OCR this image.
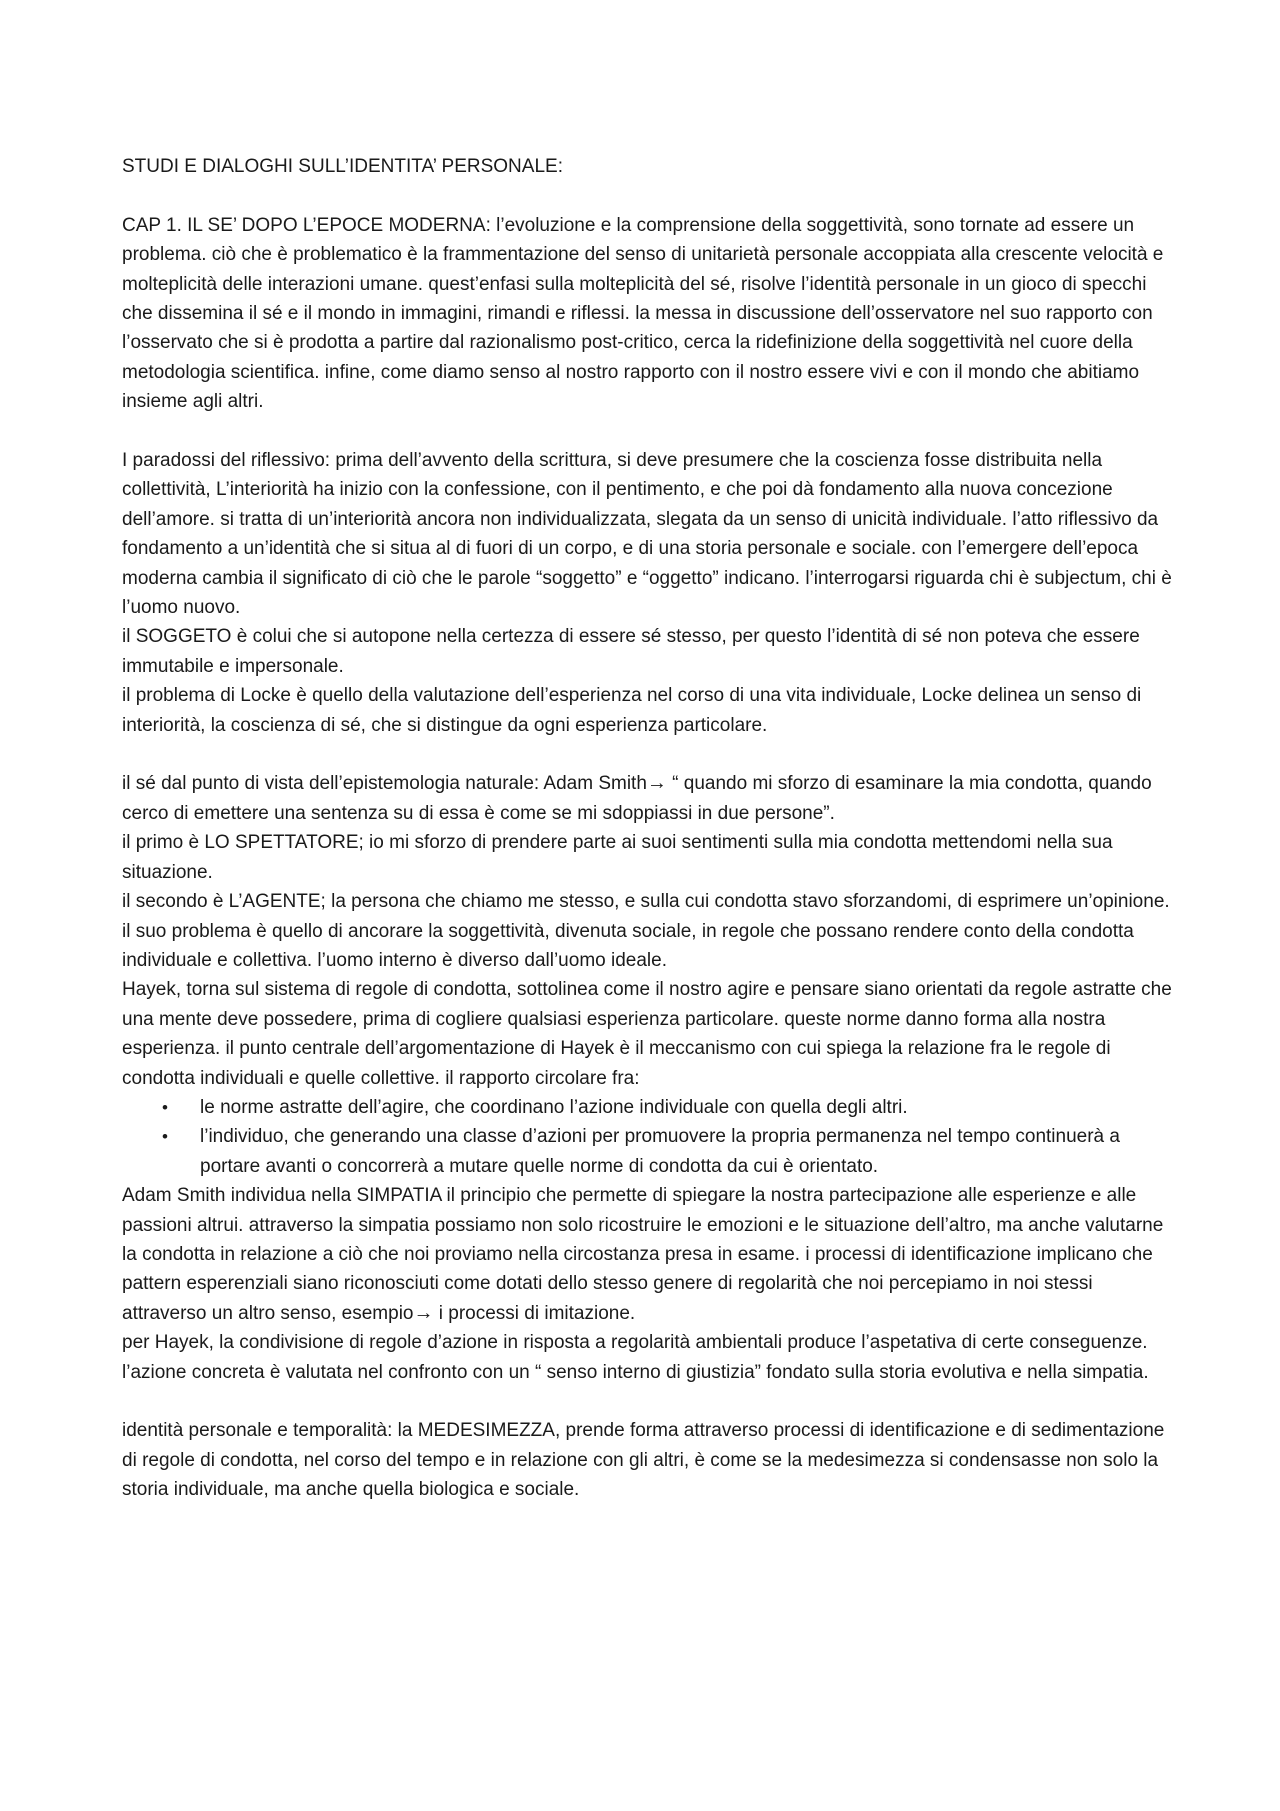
STUDI E DIALOGHI SULL’IDENTITA’ PERSONALE:

CAP 1. IL SE’ DOPO L’EPOCE MODERNA: l’evoluzione e la comprensione della soggettività, sono tornate ad essere un problema. ciò che è problematico è la frammentazione del senso di unitarietà personale accoppiata alla crescente velocità e molteplicità delle interazioni umane. quest’enfasi sulla molteplicità del sé, risolve l’identità personale in un gioco di specchi che dissemina il sé e il mondo in immagini, rimandi e riflessi. la messa in discussione dell’osservatore nel suo rapporto con l’osservato che si è prodotta a partire dal razionalismo post-critico, cerca la ridefinizione della soggettività nel cuore della metodologia scientifica. infine, come diamo senso al nostro rapporto con il nostro essere vivi e con il mondo che abitiamo insieme agli altri.

I paradossi del riflessivo: prima dell’avvento della scrittura, si deve presumere che la coscienza fosse distribuita nella collettività, L’interiorità ha inizio con la confessione, con il pentimento, e che poi dà fondamento alla nuova concezione dell’amore. si tratta di un’interiorità ancora non individualizzata, slegata da un senso di unicità individuale. l’atto riflessivo da fondamento a un’identità che si situa al di fuori di un corpo, e di una storia personale e sociale. con l’emergere dell’epoca moderna cambia il significato di ciò che le parole “soggetto” e “oggetto” indicano. l’interrogarsi riguarda chi è subjectum, chi è l’uomo nuovo.

il SOGGETO è colui che si autopone nella certezza di essere sé stesso, per questo l’identità di sé non poteva che essere immutabile e impersonale.

il problema di Locke è quello della valutazione dell’esperienza nel corso di una vita individuale, Locke delinea un senso di interiorità, la coscienza di sé, che si distingue da ogni esperienza particolare.

il sé dal punto di vista dell’epistemologia naturale: Adam Smith→ “ quando mi sforzo di esaminare la mia condotta, quando cerco di emettere una sentenza su di essa è come se mi sdoppiassi in due persone”.

il primo è LO SPETTATORE; io mi sforzo di prendere parte ai suoi sentimenti sulla mia condotta mettendomi nella sua situazione.

il secondo è L’AGENTE; la persona che chiamo me stesso, e sulla cui condotta stavo sforzandomi, di esprimere un’opinione.

il suo problema è quello di ancorare la soggettività, divenuta sociale, in regole che possano rendere conto della condotta individuale e collettiva. l’uomo interno è diverso dall’uomo ideale.

Hayek, torna sul sistema di regole di condotta, sottolinea come il nostro agire e pensare siano orientati da regole astratte che una mente deve possedere, prima di cogliere qualsiasi esperienza particolare. queste norme danno forma alla nostra esperienza. il punto centrale dell’argomentazione di Hayek è il meccanismo con cui spiega la relazione fra le regole di condotta individuali e quelle collettive. il rapporto circolare fra:

• le norme astratte dell’agire, che coordinano l’azione individuale con quella degli altri.
• l’individuo, che generando una classe d’azioni per promuovere la propria permanenza nel tempo continuerà a portare avanti o concorrerà a mutare quelle norme di condotta da cui è orientato.

Adam Smith individua nella SIMPATIA il principio che permette di spiegare la nostra partecipazione alle esperienze e alle passioni altrui. attraverso la simpatia possiamo non solo ricostruire le emozioni e le situazione dell’altro, ma anche valutarne la condotta in relazione a ciò che noi proviamo nella circostanza presa in esame. i processi di identificazione implicano che pattern esperenziali siano riconosciuti come dotati dello stesso genere di regolarità che noi percepiamo in noi stessi attraverso un altro senso, esempio→ i processi di imitazione.

per Hayek, la condivisione di regole d’azione in risposta a regolarità ambientali produce l’aspetativa di certe conseguenze. l’azione concreta è valutata nel confronto con un “ senso interno di giustizia” fondato sulla storia evolutiva e nella simpatia.

identità personale e temporalità: la MEDESIMEZZA, prende forma attraverso processi di identificazione e di sedimentazione di regole di condotta, nel corso del tempo e in relazione con gli altri, è come se la medesimezza si condensasse non solo la storia individuale, ma anche quella biologica e sociale.
